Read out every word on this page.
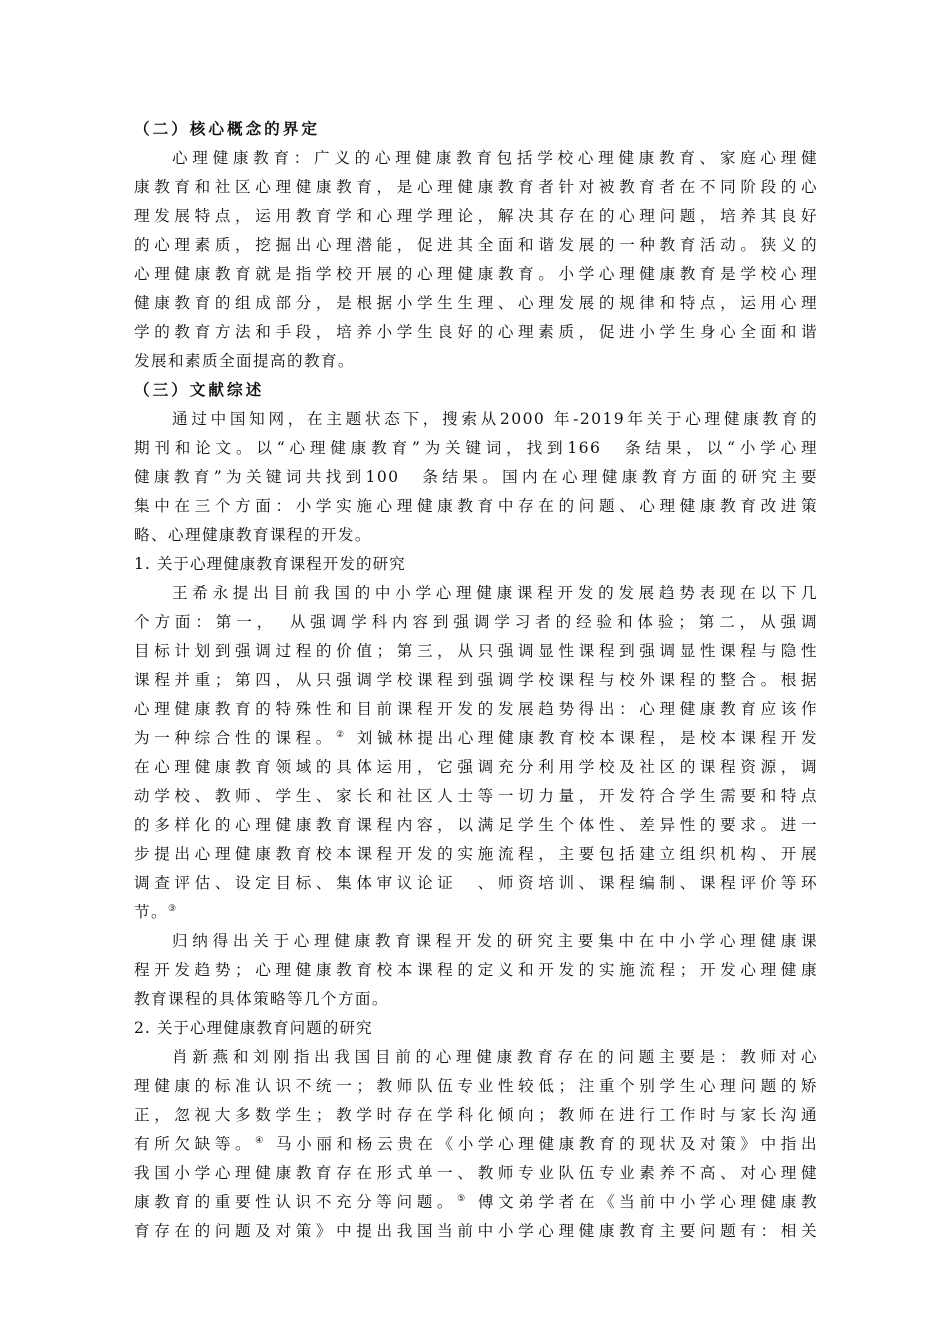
（二）核心概念的界定
心理健康教育：广义的心理健康教育包括学校心理健康教育、家庭心理健
康教育和社区心理健康教育，是心理健康教育者针对被教育者在不同阶段的心
理发展特点，运用教育学和心理学理论，解决其存在的心理问题，培养其良好
的心理素质，挖掘出心理潜能，促进其全面和谐发展的一种教育活动。狭义的
心理健康教育就是指学校开展的心理健康教育。小学心理健康教育是学校心理
健康教育的组成部分，是根据小学生生理、心理发展的规律和特点，运用心理
学的教育方法和手段，培养小学生良好的心理素质，促进小学生身心全面和谐
发展和素质全面提高的教育。
（三）文献综述
通过中国知网，在主题状态下，搜索从2000 年-2019年关于心理健康教育的
期刊和论文。以“心理健康教育”为关键词，找到166　条结果，以“小学心理
健康教育”为关键词共找到100　条结果。国内在心理健康教育方面的研究主要
集中在三个方面：小学实施心理健康教育中存在的问题、心理健康教育改进策
略、心理健康教育课程的开发。
1. 关于心理健康教育课程开发的研究
王希永提出目前我国的中小学心理健康课程开发的发展趋势表现在以下几
个方面：第一，　从强调学科内容到强调学习者的经验和体验；第二，从强调
目标计划到强调过程的价值；第三，从只强调显性课程到强调显性课程与隐性
课程并重；第四，从只强调学校课程到强调学校课程与校外课程的整合。根据
心理健康教育的特殊性和目前课程开发的发展趋势得出：心理健康教育应该作
为一种综合性的课程。② 刘铖林提出心理健康教育校本课程，是校本课程开发
在心理健康教育领域的具体运用，它强调充分利用学校及社区的课程资源，调
动学校、教师、学生、家长和社区人士等一切力量，开发符合学生需要和特点
的多样化的心理健康教育课程内容，以满足学生个体性、差异性的要求。进一
步提出心理健康教育校本课程开发的实施流程，主要包括建立组织机构、开展
调查评估、设定目标、集体审议论证　、师资培训、课程编制、课程评价等环
节。③
归纳得出关于心理健康教育课程开发的研究主要集中在中小学心理健康课
程开发趋势；心理健康教育校本课程的定义和开发的实施流程；开发心理健康
教育课程的具体策略等几个方面。
2. 关于心理健康教育问题的研究
肖新燕和刘刚指出我国目前的心理健康教育存在的问题主要是：教师对心
理健康的标准认识不统一；教师队伍专业性较低；注重个别学生心理问题的矫
正，忽视大多数学生；教学时存在学科化倾向；教师在进行工作时与家长沟通
有所欠缺等。④ 马小丽和杨云贵在《小学心理健康教育的现状及对策》中指出
我国小学心理健康教育存在形式单一、教师专业队伍专业素养不高、对心理健
康教育的重要性认识不充分等问题。⑤ 傅文弟学者在《当前中小学心理健康教
育存在的问题及对策》中提出我国当前中小学心理健康教育主要问题有：相关
